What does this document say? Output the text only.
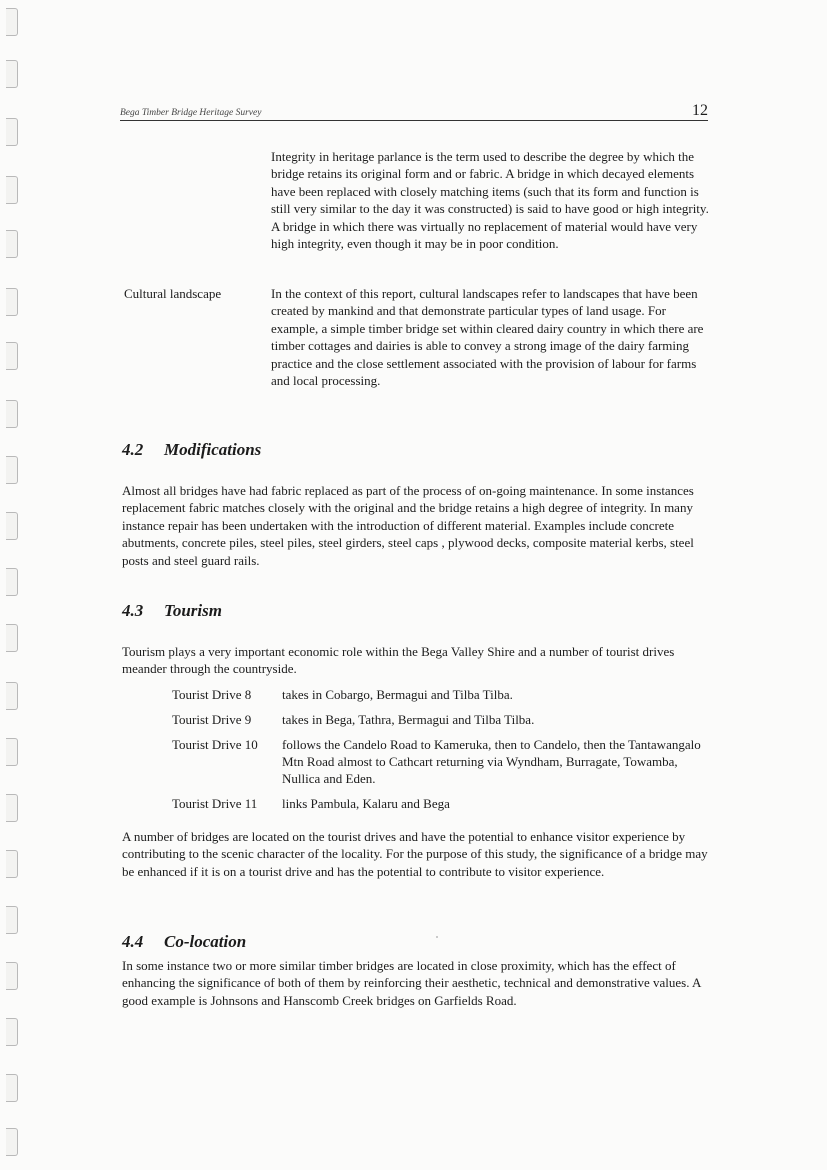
Bega Timber Bridge Heritage Survey	12

Integrity in heritage parlance is the term used to describe the degree by which the bridge retains its original form and or fabric. A bridge in which decayed elements have been replaced with closely matching items (such that its form and function is still very similar to the day it was constructed) is said to have good or high integrity. A bridge in which there was virtually no replacement of material would have very high integrity, even though it may be in poor condition.

Cultural landscape	In the context of this report, cultural landscapes refer to landscapes that have been created by mankind and that demonstrate particular types of land usage. For example, a simple timber bridge set within cleared dairy country in which there are timber cottages and dairies is able to convey a strong image of the dairy farming practice and the close settlement associated with the provision of labour for farms and local processing.

4.2 Modifications

Almost all bridges have had fabric replaced as part of the process of on-going maintenance. In some instances replacement fabric matches closely with the original and the bridge retains a high degree of integrity. In many instance repair has been undertaken with the introduction of different material. Examples include concrete abutments, concrete piles, steel piles, steel girders, steel caps , plywood decks, composite material kerbs, steel posts and steel guard rails.

4.3 Tourism

Tourism plays a very important economic role within the Bega Valley Shire and a number of tourist drives meander through the countryside.

Tourist Drive 8	takes in Cobargo, Bermagui and Tilba Tilba.
Tourist Drive 9	takes in Bega, Tathra, Bermagui and Tilba Tilba.
Tourist Drive 10	follows the Candelo Road to Kameruka, then to Candelo, then the Tantawangalo Mtn Road almost to Cathcart returning via Wyndham, Burragate, Towamba, Nullica and Eden.
Tourist Drive 11	links Pambula, Kalaru and Bega

A number of bridges are located on the tourist drives and have the potential to enhance visitor experience by contributing to the scenic character of the locality. For the purpose of this study, the significance of a bridge may be enhanced if it is on a tourist drive and has the potential to contribute to visitor experience.

4.4 Co-location

In some instance two or more similar timber bridges are located in close proximity, which has the effect of enhancing the significance of both of them by reinforcing their aesthetic, technical and demonstrative values. A good example is Johnsons and Hanscomb Creek bridges on Garfields Road.
